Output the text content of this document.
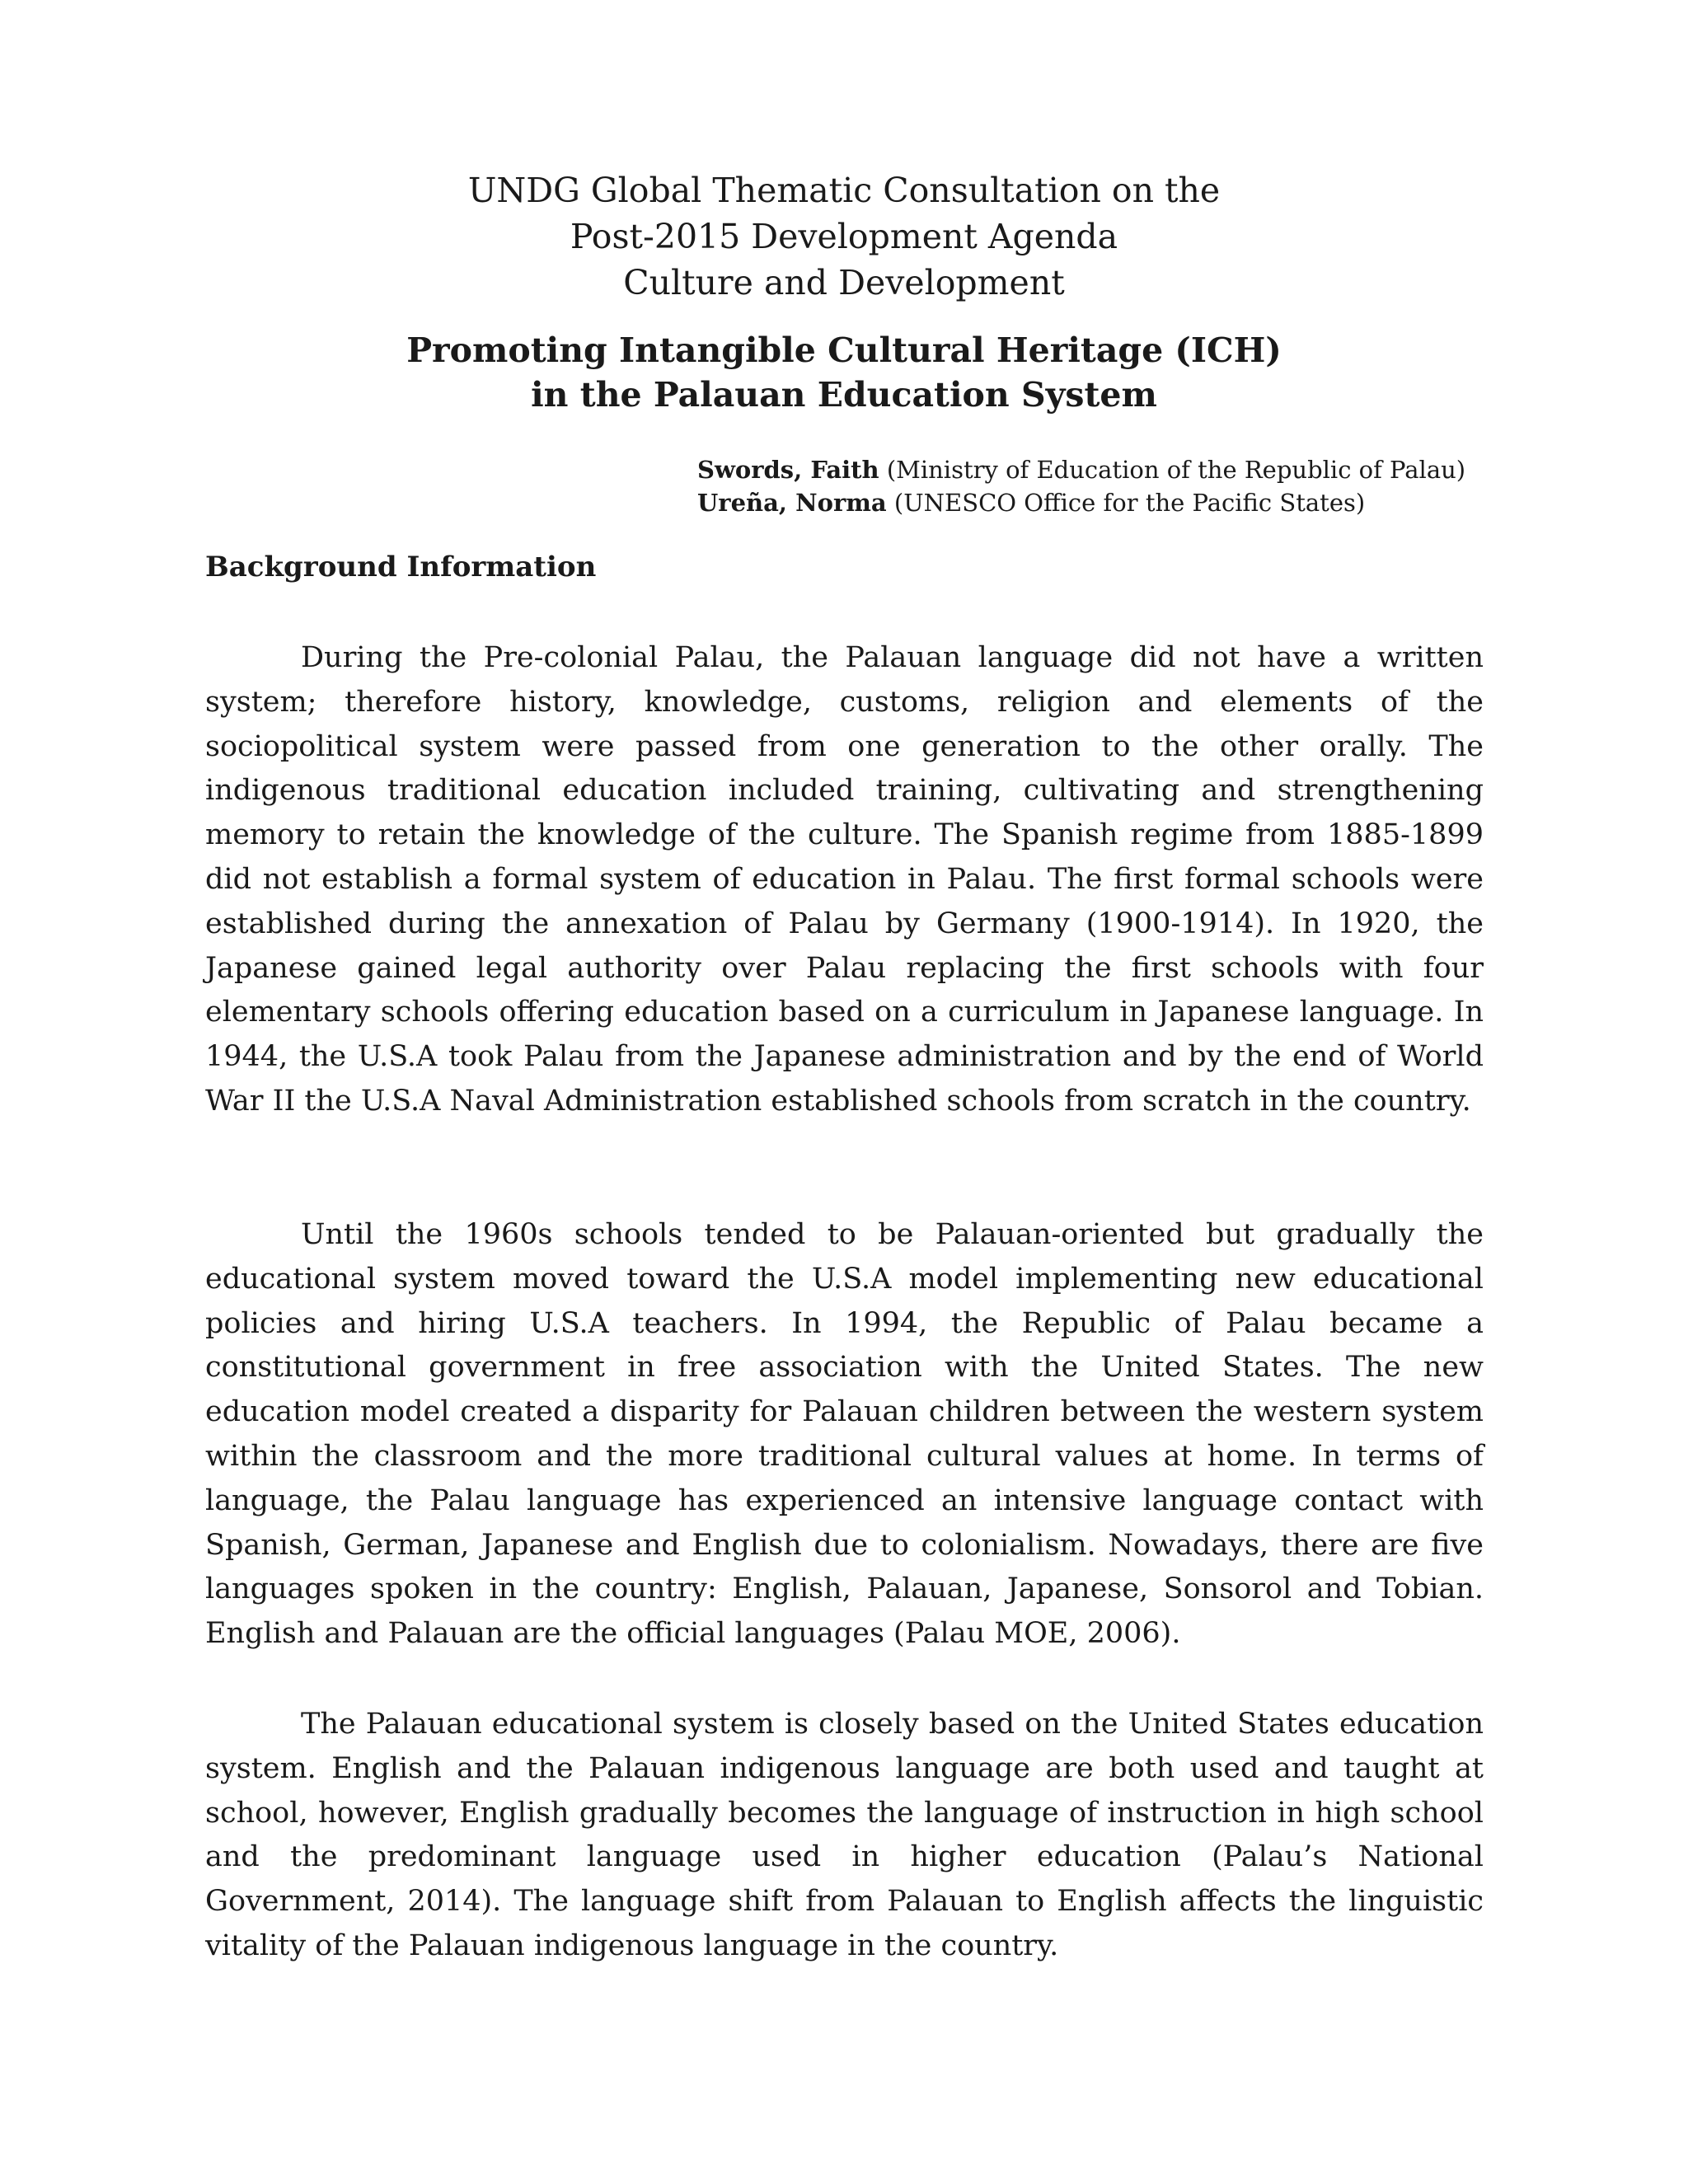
UNDG Global Thematic Consultation on the

Post-2015 Development Agenda

Culture and Development

Promoting Intangible Cultural Heritage (ICH)

in the Palauan Education System

Swords, Faith (Ministry of Education of the Republic of Palau)
Ureña, Norma (UNESCO Office for the Pacific States)
Background Information

During the Pre-colonial Palau, the Palauan language did not have a written system; therefore history, knowledge, customs, religion and elements of the sociopolitical system were passed from one generation to the other orally. The indigenous traditional education included training, cultivating and strengthening memory to retain the knowledge of the culture. The Spanish regime from 1885-1899 did not establish a formal system of education in Palau. The first formal schools were established during the annexation of Palau by Germany (1900-1914). In 1920, the Japanese gained legal authority over Palau replacing the first schools with four elementary schools offering education based on a curriculum in Japanese language. In 1944, the U.S.A took Palau from the Japanese administration and by the end of World War II the U.S.A Naval Administration established schools from scratch in the country.

Until the 1960s schools tended to be Palauan-oriented but gradually the educational system moved toward the U.S.A model implementing new educational policies and hiring U.S.A teachers. In 1994, the Republic of Palau became a constitutional government in free association with the United States. The new education model created a disparity for Palauan children between the western system within the classroom and the more traditional cultural values at home. In terms of language, the Palau language has experienced an intensive language contact with Spanish, German, Japanese and English due to colonialism. Nowadays, there are five languages spoken in the country: English, Palauan, Japanese, Sonsorol and Tobian. English and Palauan are the official languages (Palau MOE, 2006).

The Palauan educational system is closely based on the United States education system. English and the Palauan indigenous language are both used and taught at school, however, English gradually becomes the language of instruction in high school and the predominant language used in higher education (Palau’s National Government, 2014). The language shift from Palauan to English affects the linguistic vitality of the Palauan indigenous language in the country.
